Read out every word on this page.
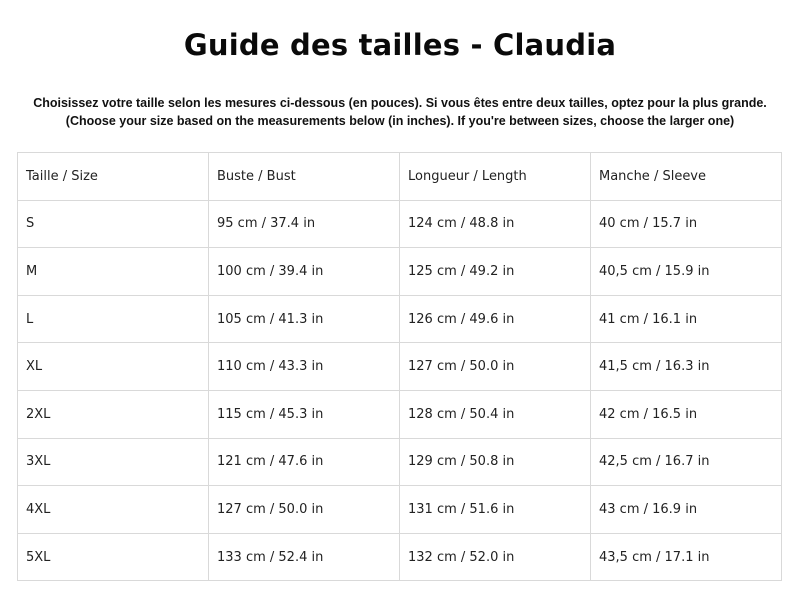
Guide des tailles - Claudia
Choisissez votre taille selon les mesures ci-dessous (en pouces). Si vous êtes entre deux tailles, optez pour la plus grande.
(Choose your size based on the measurements below (in inches). If you're between sizes, choose the larger one)
Taille / Size	Buste / Bust	Longueur / Length	Manche / Sleeve
S	95 cm / 37.4 in	124 cm / 48.8 in	40 cm / 15.7 in
M	100 cm / 39.4 in	125 cm / 49.2 in	40,5 cm / 15.9 in
L	105 cm / 41.3 in	126 cm / 49.6 in	41 cm / 16.1 in
XL	110 cm / 43.3 in	127 cm / 50.0 in	41,5 cm / 16.3 in
2XL	115 cm / 45.3 in	128 cm / 50.4 in	42 cm / 16.5 in
3XL	121 cm / 47.6 in	129 cm / 50.8 in	42,5 cm / 16.7 in
4XL	127 cm / 50.0 in	131 cm / 51.6 in	43 cm / 16.9 in
5XL	133 cm / 52.4 in	132 cm / 52.0 in	43,5 cm / 17.1 in
